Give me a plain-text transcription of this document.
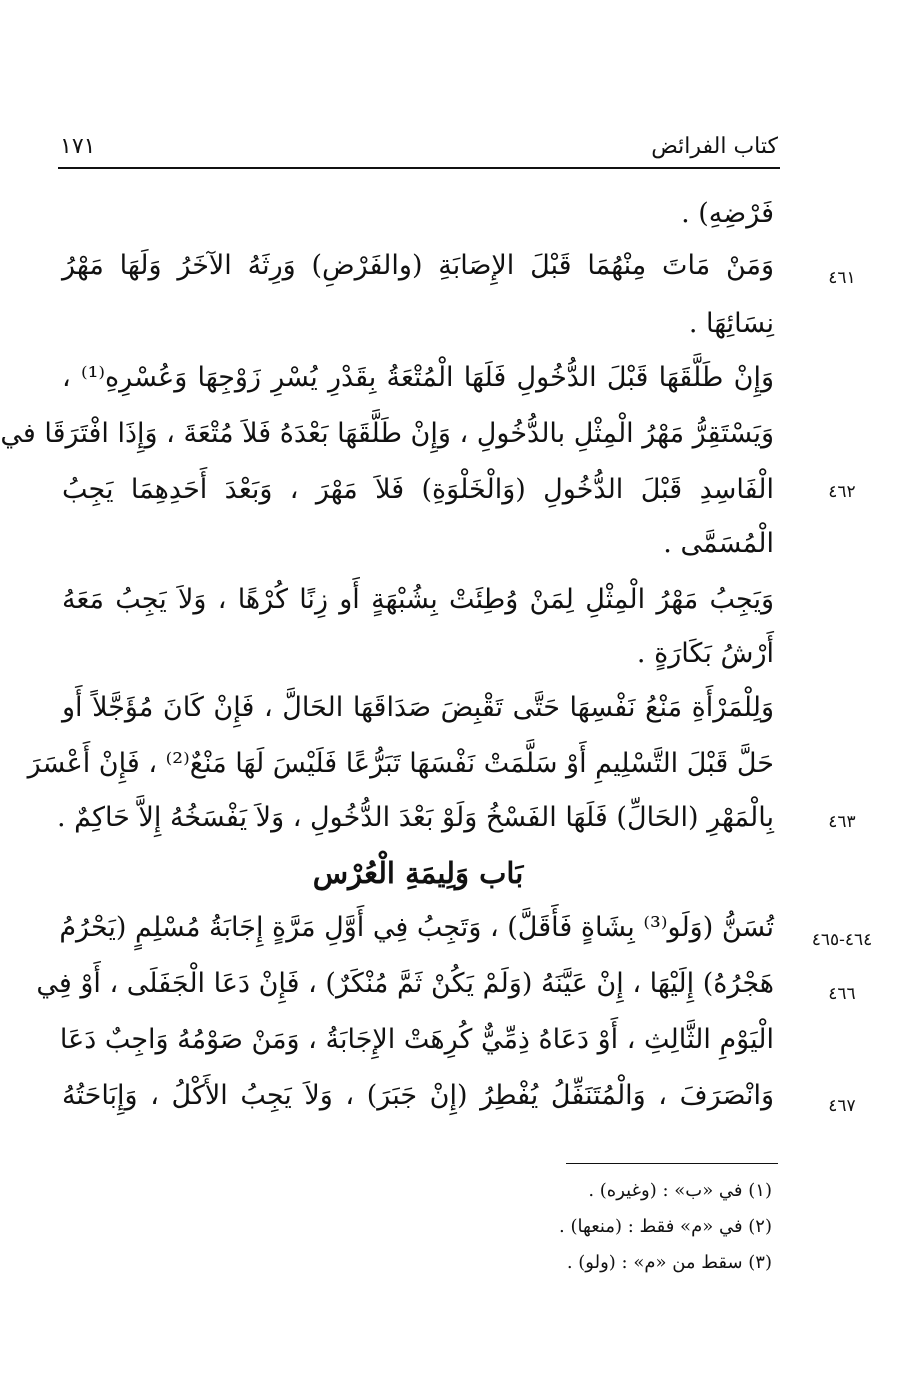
كتاب الفرائض
١٧١
فَرْضِهِ) .
وَمَنْ مَاتَ مِنْهُمَا قَبْلَ الإِصَابَةِ (والفَرْضِ) وَرِثَهُ الآخَرُ وَلَهَا مَهْرُ	٤٦١
نِسَائِهَا .
وَإِنْ طَلَّقَهَا قَبْلَ الدُّخُولِ فَلَهَا الْمُتْعَةُ بِقَدْرِ يُسْرِ زَوْجِهَا وَعُسْرِهِ⁽¹⁾ ،
وَيَسْتَقِرُّ مَهْرُ الْمِثْلِ بالدُّخُولِ ، وَإِنْ طَلَّقَهَا بَعْدَهُ فَلاَ مُتْعَةَ ، وَإِذَا افْتَرَقَا في
الْفَاسِدِ قَبْلَ الدُّخُولِ (وَالْخَلْوَةِ) فَلاَ مَهْرَ ، وَبَعْدَ أَحَدِهِمَا يَجِبُ	٤٦٢
الْمُسَمَّى .
وَيَجِبُ مَهْرُ الْمِثْلِ لِمَنْ وُطِئَتْ بِشُبْهَةٍ أَو زِنًا كُرْهًا ، وَلاَ يَجِبُ مَعَهُ
أَرْشُ بَكَارَةٍ .
وَلِلْمَرْأَةِ مَنْعُ نَفْسِهَا حَتَّى تَقْبِضَ صَدَاقَهَا الحَالَّ ، فَإِنْ كَانَ مُؤَجَّلاً أَو
حَلَّ قَبْلَ التَّسْلِيمِ أَوْ سَلَّمَتْ نَفْسَهَا تَبَرُّعًا فَلَيْسَ لَهَا مَنْعٌ⁽²⁾ ، فَإِنْ أَعْسَرَ
بِالْمَهْرِ (الحَالِّ) فَلَهَا الفَسْخُ وَلَوْ بَعْدَ الدُّخُولِ ، وَلاَ يَفْسَخُهُ إِلاَّ حَاكِمٌ .	٤٦٣
بَاب وَلِيمَةِ الْعُرْس
تُسَنُّ (وَلَو⁽³⁾ بِشَاةٍ فَأَقَلَّ) ، وَتَجِبُ فِي أَوَّلِ مَرَّةٍ إِجَابَةُ مُسْلِمٍ (يَحْرُمُ	٤٦٤-٤٦٥
هَجْرُهُ) إِلَيْهَا ، إِنْ عَيَّنَهُ (وَلَمْ يَكُنْ ثَمَّ مُنْكَرٌ) ، فَإِنْ دَعَا الْجَفَلَى ، أَوْ فِي	٤٦٦
الْيَوْمِ الثَّالِثِ ، أَوْ دَعَاهُ ذِمِّيٌّ كُرِهَتْ الإِجَابَةُ ، وَمَنْ صَوْمُهُ وَاجِبٌ دَعَا
وَانْصَرَفَ ، وَالْمُتَنَفِّلُ يُفْطِرُ (إِنْ جَبَرَ) ، وَلاَ يَجِبُ الأَكْلُ ، وَإِبَاحَتُهُ	٤٦٧
(١) في «ب» : (وغيره) .
(٢) في «م» فقط : (منعها) .
(٣) سقط من «م» : (ولو) .
